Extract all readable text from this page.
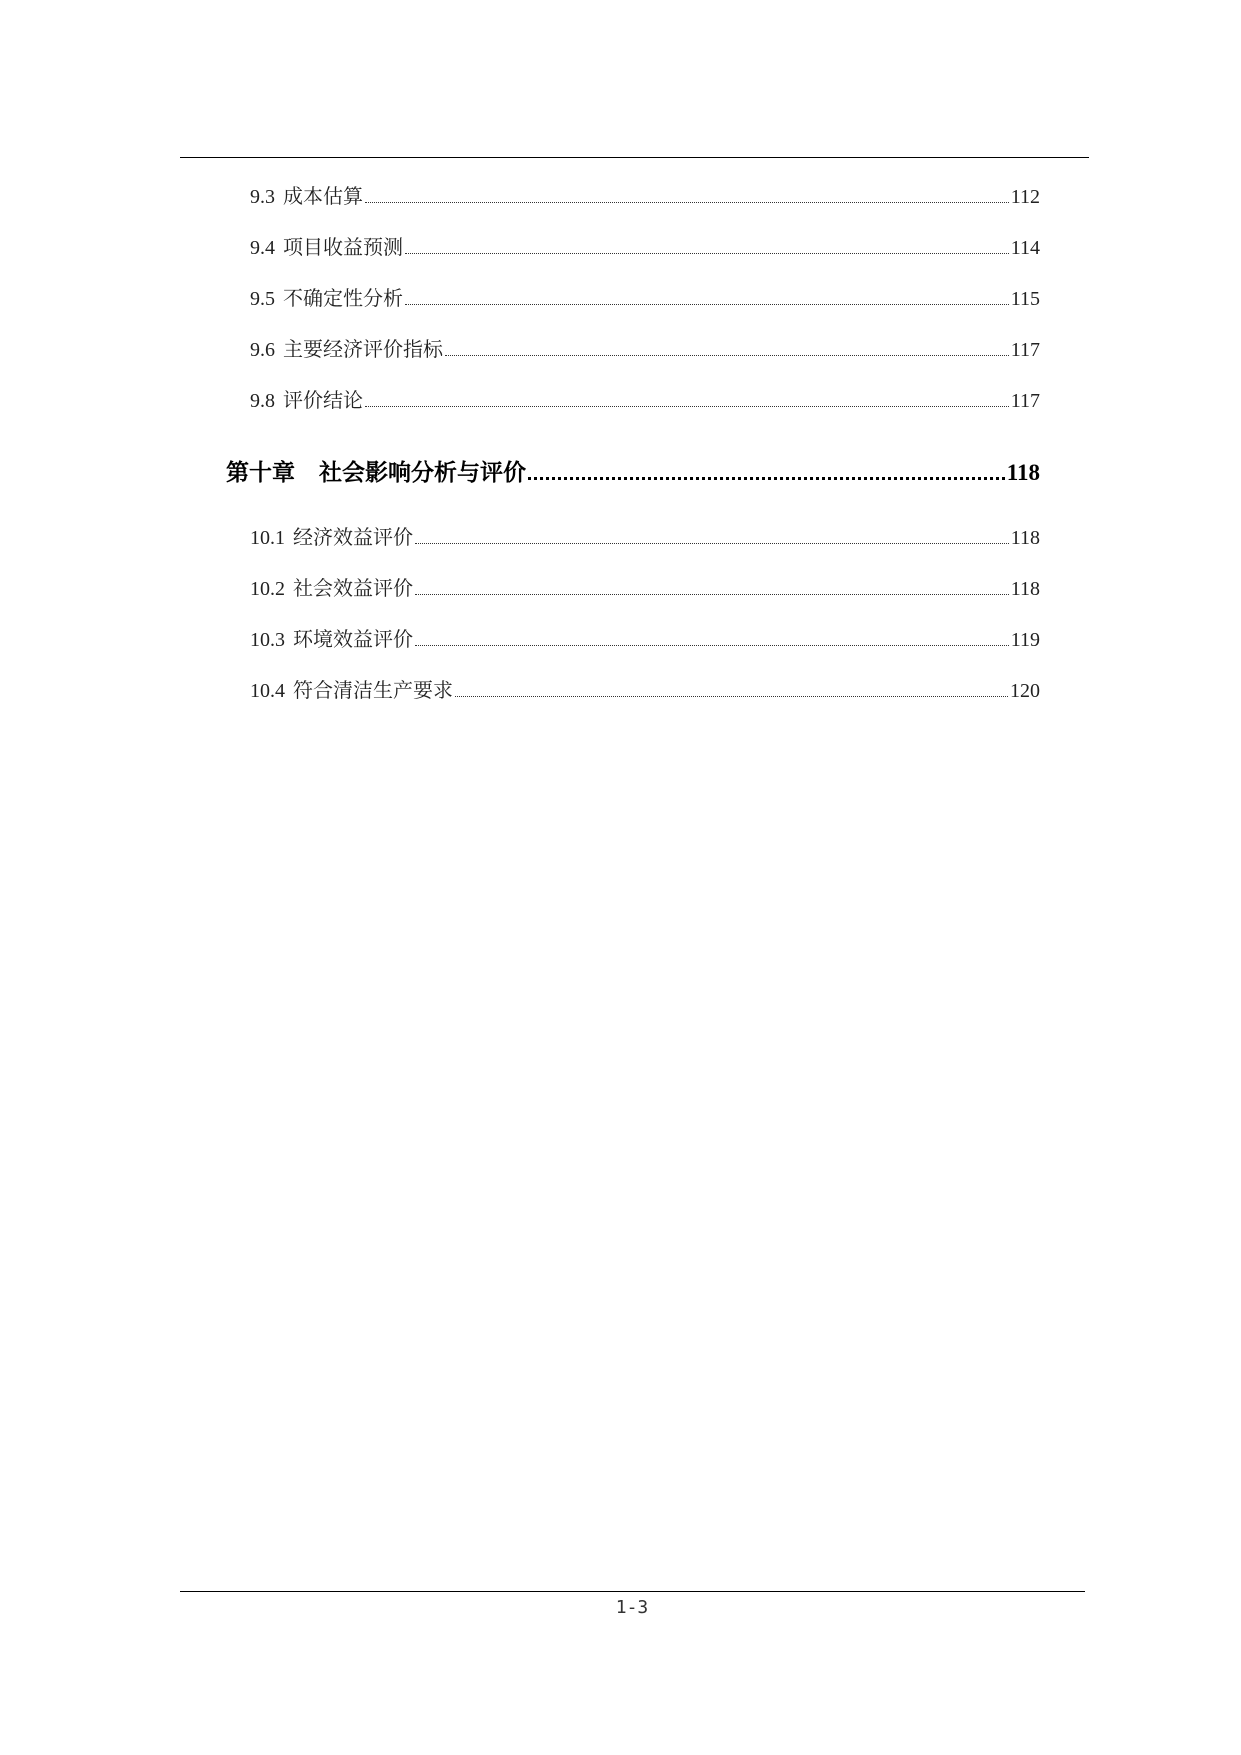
9.3 成本估算	112
9.4 项目收益预测	114
9.5 不确定性分析	115
9.6 主要经济评价指标	117
9.8 评价结论	117
第十章 社会影响分析与评价	118
10.1 经济效益评价	118
10.2 社会效益评价	118
10.3 环境效益评价	119
10.4 符合清洁生产要求	120
1-3
